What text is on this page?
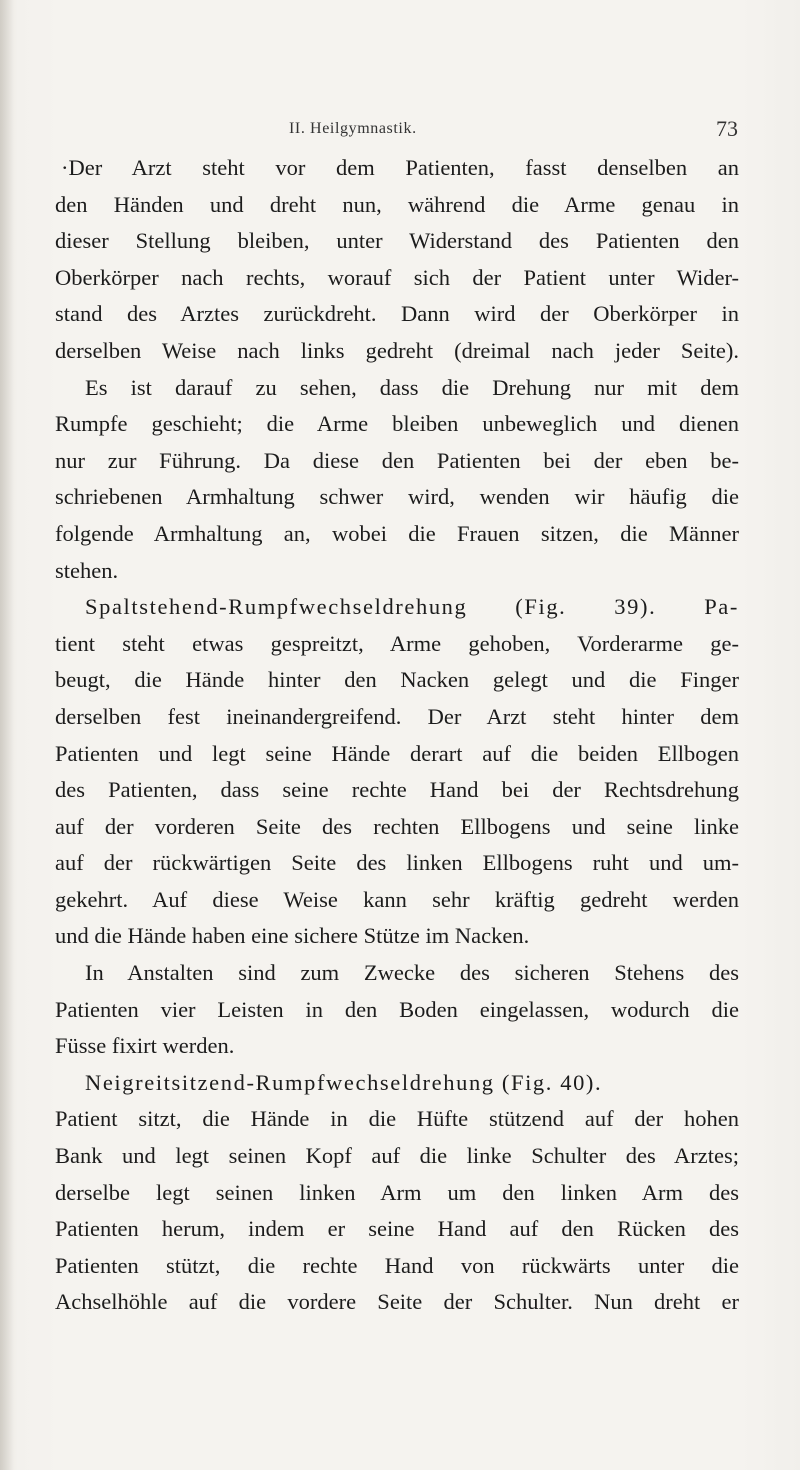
II. Heilgymnastik.	73
·Der Arzt steht vor dem Patienten, fasst denselben an
den Händen und dreht nun, während die Arme genau in
dieser Stellung bleiben, unter Widerstand des Patienten den
Oberkörper nach rechts, worauf sich der Patient unter Wider-
stand des Arztes zurückdreht. Dann wird der Oberkörper in
derselben Weise nach links gedreht (dreimal nach jeder Seite).
Es ist darauf zu sehen, dass die Drehung nur mit dem
Rumpfe geschieht; die Arme bleiben unbeweglich und dienen
nur zur Führung. Da diese den Patienten bei der eben be-
schriebenen Armhaltung schwer wird, wenden wir häufig die
folgende Armhaltung an, wobei die Frauen sitzen, die Männer
stehen.
Spaltstehend-Rumpfwechseldrehung (Fig. 39). Pa-
tient steht etwas gespreitzt, Arme gehoben, Vorderarme ge-
beugt, die Hände hinter den Nacken gelegt und die Finger
derselben fest ineinandergreifend. Der Arzt steht hinter dem
Patienten und legt seine Hände derart auf die beiden Ellbogen
des Patienten, dass seine rechte Hand bei der Rechtsdrehung
auf der vorderen Seite des rechten Ellbogens und seine linke
auf der rückwärtigen Seite des linken Ellbogens ruht und um-
gekehrt. Auf diese Weise kann sehr kräftig gedreht werden
und die Hände haben eine sichere Stütze im Nacken.
In Anstalten sind zum Zwecke des sicheren Stehens des
Patienten vier Leisten in den Boden eingelassen, wodurch die
Füsse fixirt werden.
Neigreitsitzend-Rumpfwechseldrehung (Fig. 40).
Patient sitzt, die Hände in die Hüfte stützend auf der hohen
Bank und legt seinen Kopf auf die linke Schulter des Arztes;
derselbe legt seinen linken Arm um den linken Arm des
Patienten herum, indem er seine Hand auf den Rücken des
Patienten stützt, die rechte Hand von rückwärts unter die
Achselhöhle auf die vordere Seite der Schulter. Nun dreht er
